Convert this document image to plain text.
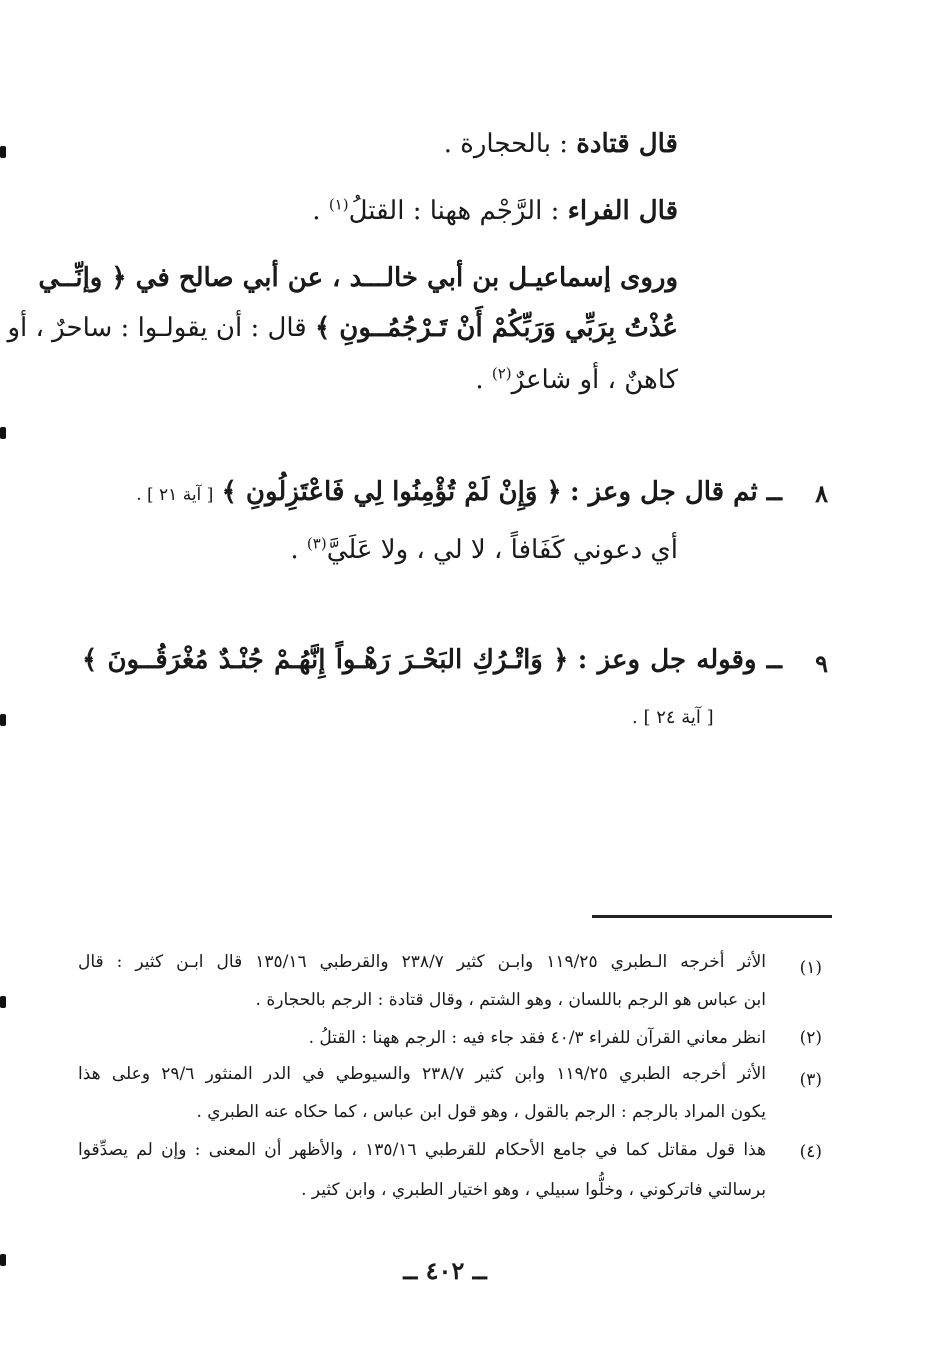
قال قتادة : بالحجارة .
قال الفراء : الرَّجْم ههنا : القتلُ$^{(١)}$ .
وروى إسماعيـل بن أبي خالـــد ، عن أبي صالح في ﴿ وإنِّــي
عُذْتُ بِرَبِّي وَرَبِّكُمْ أَنْ تَـرْجُمُــونِ ﴾ قال : أن يقولـوا : ساحرٌ ، أو
كاهنٌ ، أو شاعرٌ$^{(٢)}$ .
٨
ــ ثم قال جل وعز : ﴿ وَإِنْ لَمْ تُؤْمِنُوا لِي فَاعْتَزِلُونِ ﴾ [ آية ٢١ ] .
أي دعوني كَفَافاً ، لا لي ، ولا عَلَيَّ$^{(٣)}$ .
٩
ــ وقوله جل وعز : ﴿ وَاتْـرُكِ البَحْـرَ رَهْـواً إِنَّهُـمْ جُنْـدٌ مُغْرَقُــونَ ﴾
[ آية ٢٤ ] .
(١)
الأثر أخرجه الـطبري ١١٩/٢٥ وابـن كثير ٢٣٨/٧ والقرطبي ١٣٥/١٦ قال ابـن كثير : قال
ابن عباس هو الرجم باللسان ، وهو الشتم ، وقال قتادة : الرجم بالحجارة .
(٢)
انظر معاني القرآن للفراء ٤٠/٣ فقد جاء فيه : الرجم ههنا : القتلُ .
(٣)
الأثر أخرجه الطبري ١١٩/٢٥ وابن كثير ٢٣٨/٧ والسيوطي في الدر المنثور ٢٩/٦ وعلى هذا
يكون المراد بالرجم : الرجم بالقول ، وهو قول ابن عباس ، كما حكاه عنه الطبري .
(٤)
هذا قول مقاتل كما في جامع الأحكام للقرطبي ١٣٥/١٦ ، والأظهر أن المعنى : وإن لم يصدِّقوا
برسالتي فاتركوني ، وخلُّوا سبيلي ، وهو اختيار الطبري ، وابن كثير .
ــ ٤٠٢ ــ
